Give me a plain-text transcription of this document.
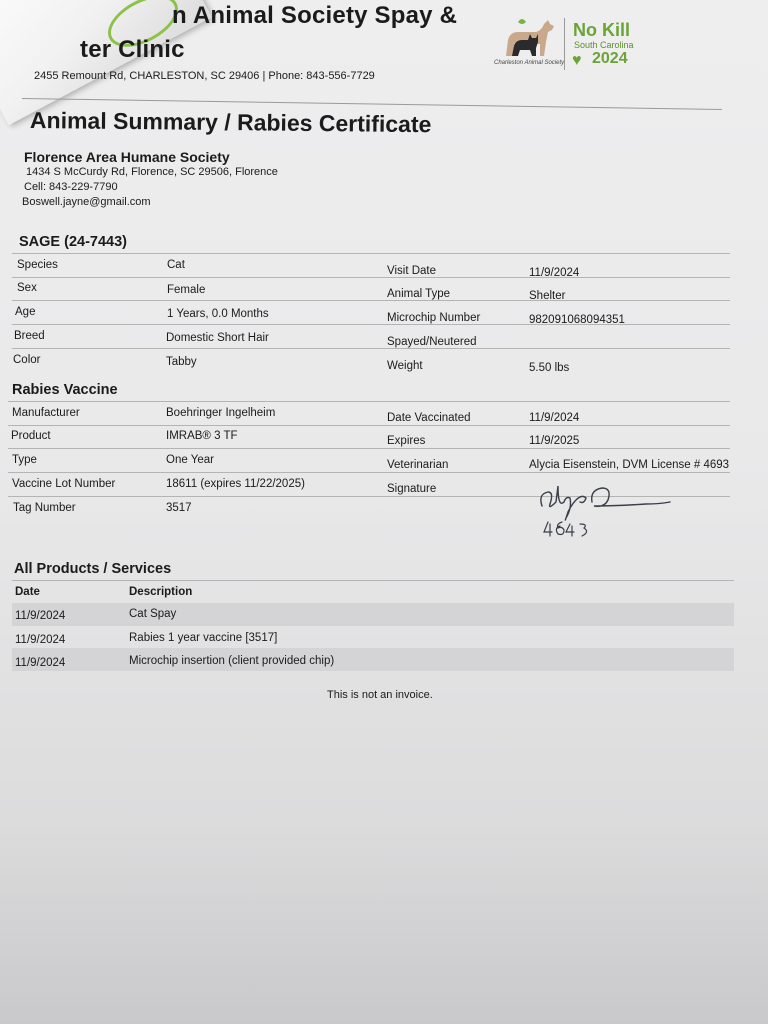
n Animal Society Spay &
ter Clinic
2455 Remount Rd, CHARLESTON, SC 29406 | Phone: 843-556-7729
Charleston Animal Society
No Kill
South Carolina
♥ 2024
Animal Summary / Rabies Certificate
Florence Area Humane Society
1434 S McCurdy Rd, Florence, SC 29506, Florence
Cell: 843-229-7790
Boswell.jayne@gmail.com
SAGE (24-7443)
Species	Cat	Visit Date	11/9/2024
Sex	Female	Animal Type	Shelter
Age	1 Years, 0.0 Months	Microchip Number	982091068094351
Breed	Domestic Short Hair	Spayed/Neutered
Color	Tabby	Weight	5.50 lbs
Rabies Vaccine
Manufacturer	Boehringer Ingelheim	Date Vaccinated	11/9/2024
Product	IMRAB® 3 TF	Expires	11/9/2025
Type	One Year	Veterinarian	Alycia Eisenstein, DVM License # 4693
Vaccine Lot Number	18611 (expires 11/22/2025)	Signature
Tag Number	3517
All Products / Services
Date	Description
11/9/2024	Cat Spay
11/9/2024	Rabies 1 year vaccine [3517]
11/9/2024	Microchip insertion (client provided chip)
This is not an invoice.
